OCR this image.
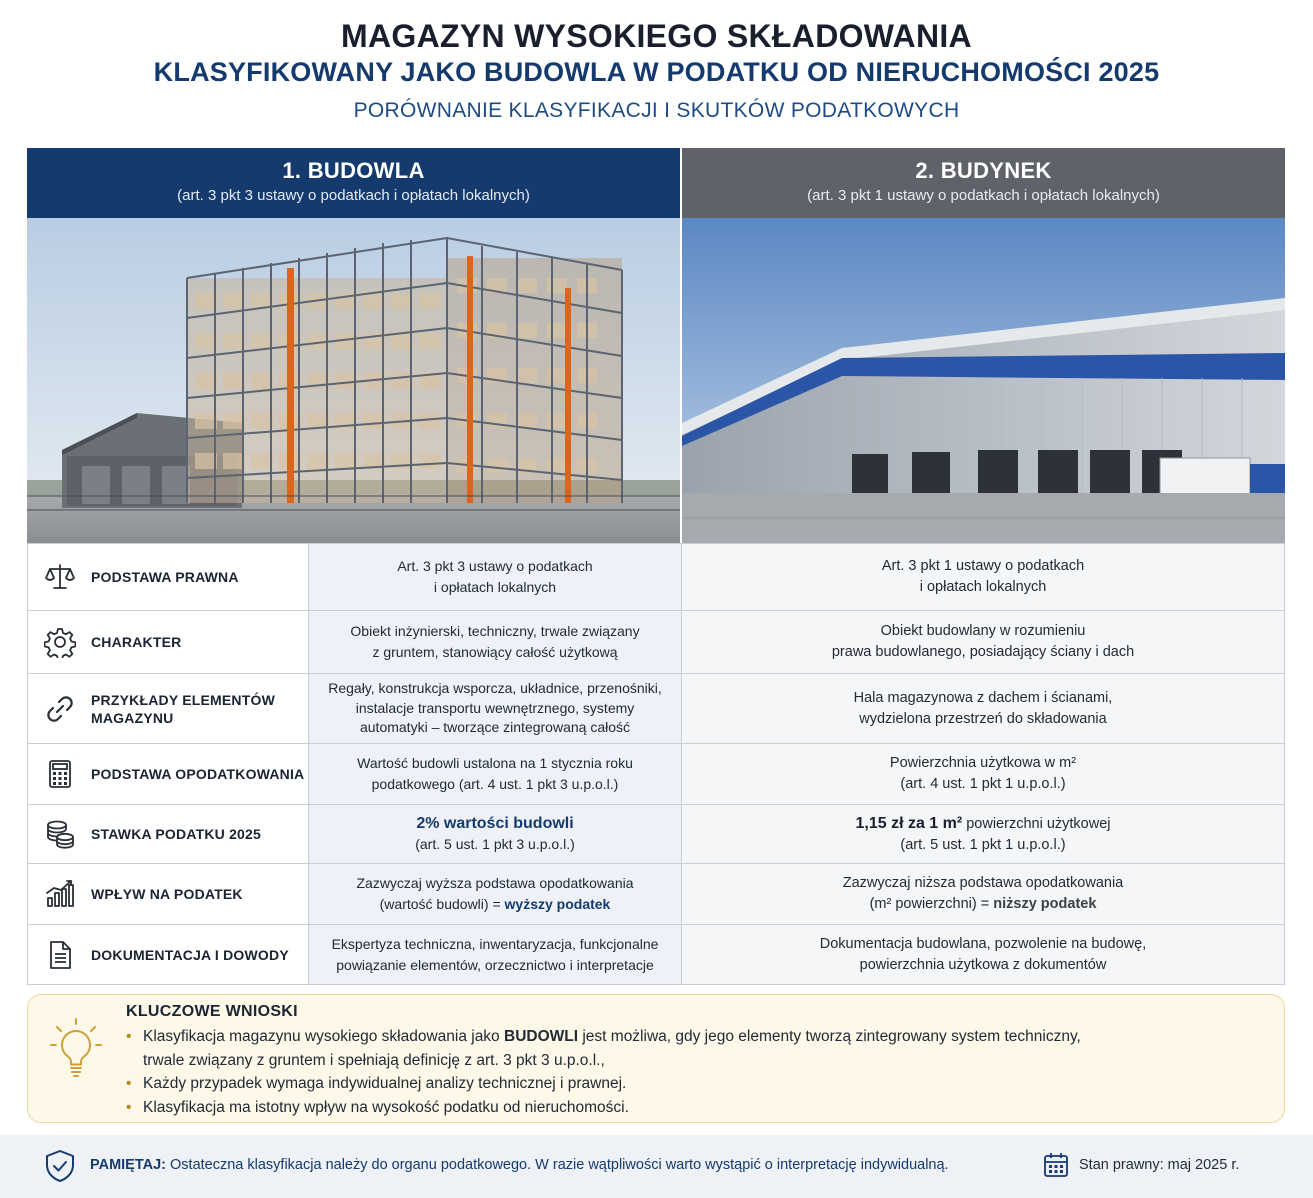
MAGAZYN WYSOKIEGO SKŁADOWANIA
KLASYFIKOWANY JAKO BUDOWLA W PODATKU OD NIERUCHOMOŚCI 2025
PORÓWNANIE KLASYFIKACJI I SKUTKÓW PODATKOWYCH
1. BUDOWLA
(art. 3 pkt 3 ustawy o podatkach i opłatach lokalnych)
2. BUDYNEK
(art. 3 pkt 1 ustawy o podatkach i opłatach lokalnych)
PODSTAWA PRAWNA
Art. 3 pkt 3 ustawy o podatkach
i opłatach lokalnych
Art. 3 pkt 1 ustawy o podatkach
i opłatach lokalnych
CHARAKTER
Obiekt inżynierski, techniczny, trwale związany
z gruntem, stanowiący całość użytkową
Obiekt budowlany w rozumieniu
prawa budowlanego, posiadający ściany i dach
PRZYKŁADY ELEMENTÓW
MAGAZYNU
Regały, konstrukcja wsporcza, układnice, przenośniki,
instalacje transportu wewnętrznego, systemy
automatyki – tworzące zintegrowaną całość
Hala magazynowa z dachem i ścianami,
wydzielona przestrzeń do składowania
PODSTAWA OPODATKOWANIA
Wartość budowli ustalona na 1 stycznia roku
podatkowego (art. 4 ust. 1 pkt 3 u.p.o.l.)
Powierzchnia użytkowa w m²
(art. 4 ust. 1 pkt 1 u.p.o.l.)
STAWKA PODATKU 2025
2% wartości budowli
(art. 5 ust. 1 pkt 3 u.p.o.l.)
1,15 zł za 1 m² powierzchni użytkowej
(art. 5 ust. 1 pkt 1 u.p.o.l.)
WPŁYW NA PODATEK
Zazwyczaj wyższa podstawa opodatkowania
(wartość budowli) = wyższy podatek
Zazwyczaj niższa podstawa opodatkowania
(m² powierzchni) = niższy podatek
DOKUMENTACJA I DOWODY
Ekspertyza techniczna, inwentaryzacja, funkcjonalne
powiązanie elementów, orzecznictwo i interpretacje
Dokumentacja budowlana, pozwolenie na budowę,
powierzchnia użytkowa z dokumentów
KLUCZOWE WNIOSKI
• Klasyfikacja magazynu wysokiego składowania jako BUDOWLI jest możliwa, gdy jego elementy tworzą zintegrowany system techniczny,
trwale związany z gruntem i spełniają definicję z art. 3 pkt 3 u.p.o.l.,
• Każdy przypadek wymaga indywidualnej analizy technicznej i prawnej.
• Klasyfikacja ma istotny wpływ na wysokość podatku od nieruchomości.
PAMIĘTAJ: Ostateczna klasyfikacja należy do organu podatkowego. W razie wątpliwości warto wystąpić o interpretację indywidualną.	Stan prawny: maj 2025 r.
